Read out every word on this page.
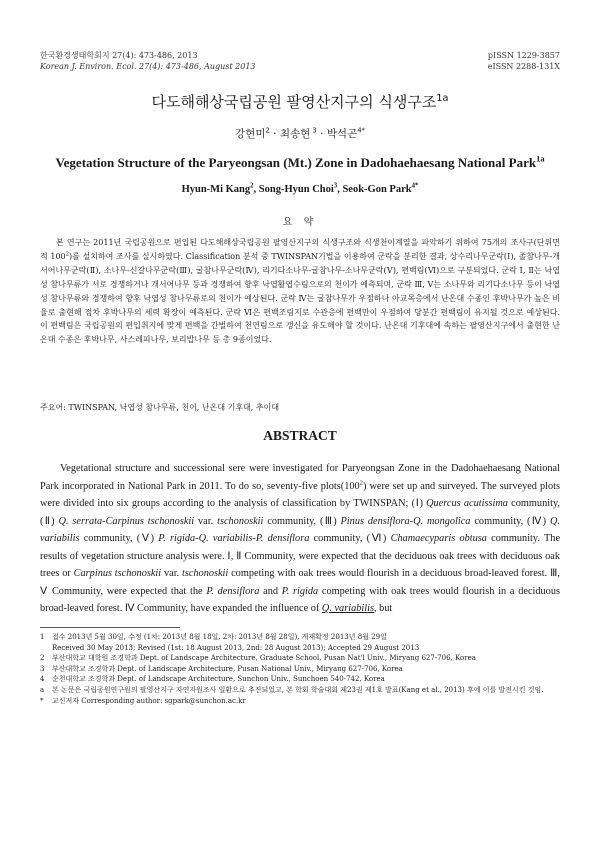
한국환경생태학회지 27(4): 473-486, 2013
Korean J. Environ. Ecol. 27(4): 473-486, August 2013
pISSN 1229-3857
eISSN 2288-131X
다도해해상국립공원 팔영산지구의 식생구조$^{1a}$
강현미$^2$ · 최송현 $^3$ · 박석곤$^{4*}$
Vegetation Structure of the Paryeongsan (Mt.) Zone in Dadohaehaesang National Park$^{1a}$
Hyun-Mi Kang$^2$, Song-Hyun Choi$^3$, Seok-Gon Park$^{4*}$
요 약

본 연구는 2011년 국립공원으로 편입된 다도해해상국립공원 팔영산지구의 식생구조와 식생천이계열을 파악하기 위하여 75개의 조사구(단위면적 $100^2$)를 설치하여 조사를 실시하였다. Classification 분석 중 TWINSPAN기법을 이용하여 군락을 분리한 결과, 상수리나무군락(Ⅰ), 졸참나무-개서어나무군락(Ⅱ), 소나무-신갈나무군락(Ⅲ), 굴참나무군락(Ⅳ), 리기다소나무-굴참나무-소나무군락(Ⅴ), 편백림(Ⅵ)으로 구분되었다. 군락 Ⅰ, Ⅱ는 낙엽성 참나무류가 서로 경쟁하거나 개서어나무 등과 경쟁하여 향후 낙엽활엽수림으로의 천이가 예측되며, 군락 Ⅲ, Ⅴ는 소나무와 리기다소나무 등이 낙엽성 참나무류와 경쟁하여 향후 낙엽성 참나무류로의 천이가 예상된다. 군락 Ⅳ는 굴참나무가 우점하나 아교목층에서 난온대 수종인 후박나무가 높은 비율로 출현해 점차 후박나무의 세력 확장이 예측된다. 군락 Ⅵ은 편백조림지로 수관층에 편백만이 우점하여 당분간 편백림이 유지될 것으로 예상된다. 이 편백림은 국립공원의 편입취지에 맞게 편백을 간벌하여 천연림으로 갱신을 유도해야 할 것이다. 난온대 기후대에 속하는 팔영산지구에서 출현한 난온대 수종은 후박나무, 사스레피나무, 보리밥나무 등 총 9종이었다.

주요어: TWINSPAN, 낙엽성 참나무류, 천이, 난온대 기후대, 추이대

ABSTRACT

Vegetational structure and successional sere were investigated for Paryeongsan Zone in the Dadohaehaesang National Park incorporated in National Park in 2011. To do so, seventy-five $plots(100^2)$ were set up and surveyed. The surveyed plots were divided into six groups according to the analysis of classification by TWINSPAN; (Ⅰ) Quercus acutissima community, (Ⅱ) Q. serrata-Carpinus tschonoskii var. tschonoskii community, (Ⅲ) Pinus densiflora-Q. mongolica community, (Ⅳ) Q. variabilis community, (Ⅴ) P. rigida-Q. variabilis-P. densiflora community, (Ⅵ) Chamaecyparis obtusa community. The results of vegetation structure analysis were. Ⅰ, Ⅱ Community, were expected that the deciduous oak trees with deciduous oak trees or Carpinus tschonoskii var. tschonoskii competing with oak trees would flourish in a deciduous broad-leaved forest. Ⅲ, Ⅴ Community, were expected that the P. densiflora and P. rigida competing with oak trees would flourish in a deciduous broad-leaved forest. Ⅳ Community, have expanded the influence of Q. variabilis, but

1	접수 2013년 5월 30일, 수정 (1차: 2013년 8월 18일, 2차: 2013년 8월 28일), 게재확정 2013년 8월 29일
Received 30 May 2013; Revised (1st: 18 August 2013, 2nd: 28 August 2013); Accepted 29 August 2013
2	부산대학교 대학원 조경학과 Dept. of Landscape Architecture, Graduate School, Pusan Nat'l Univ., Miryang 627-706, Korea
3	부산대학교 조경학과 Dept. of Landscape Architecture, Pusan National Univ., Miryang 627-706, Korea
4	순천대학교 조경학과 Dept. of Landscape Architecture, Sunchon Univ., Sunchoen 540-742, Korea
a	본 논문은 국립공원연구원의 팔영산지구 자연자원조사 일환으로 추진되었고, 본 학회 학술대회 제23권 제1호 발표(Kang et al., 2013) 후에 이를 발전시킨 것임.
*	교신저자 Corresponding author: sgpark@sunchon.ac.kr
